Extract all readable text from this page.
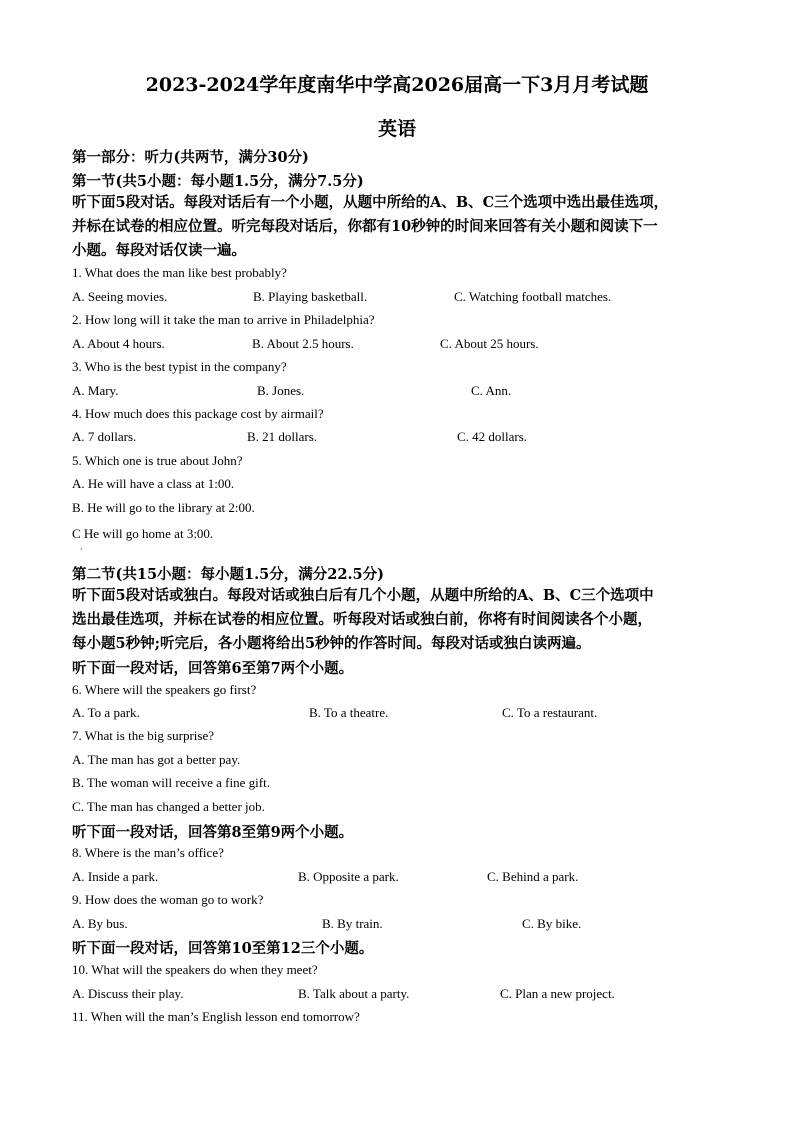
2023-2024学年度南华中学高2026届高一下3月月考试题
英语
第一部分：听力(共两节，满分30分)
第一节(共5小题：每小题1.5分，满分7.5分)
听下面5段对话。每段对话后有一个小题，从题中所给的A、B、C三个选项中选出最佳选项，
并标在试卷的相应位置。听完每段对话后，你都有10秒钟的时间来回答有关小题和阅读下一
小题。每段对话仅读一遍。
1. What does the man like best probably?
A. Seeing movies.	B. Playing basketball.	C. Watching football matches.
2. How long will it take the man to arrive in Philadelphia?
A. About 4 hours.	B. About 2.5 hours.	C. About 25 hours.
3. Who is the best typist in the company?
A. Mary.	B. Jones.	C. Ann.
4. How much does this package cost by airmail?
A. 7 dollars.	B. 21 dollars.	C. 42 dollars.
5. Which one is true about John?
A. He will have a class at 1:00.
B. He will go to the library at 2:00.
C He will go home at 3:00.
·
第二节(共15小题：每小题1.5分，满分22.5分)
听下面5段对话或独白。每段对话或独白后有几个小题，从题中所给的A、B、C三个选项中
选出最佳选项，并标在试卷的相应位置。听每段对话或独白前，你将有时间阅读各个小题，
每小题5秒钟;听完后，各小题将给出5秒钟的作答时间。每段对话或独白读两遍。
听下面一段对话，回答第6至第7两个小题。
6. Where will the speakers go first?
A. To a park.	B. To a theatre.	C. To a restaurant.
7. What is the big surprise?
A. The man has got a better pay.
B. The woman will receive a fine gift.
C. The man has changed a better job.
听下面一段对话，回答第8至第9两个小题。
8. Where is the man’s office?
A. Inside a park.	B. Opposite a park.	C. Behind a park.
9. How does the woman go to work?
A. By bus.	B. By train.	C. By bike.
听下面一段对话，回答第10至第12三个小题。
10. What will the speakers do when they meet?
A. Discuss their play.	B. Talk about a party.	C. Plan a new project.
11. When will the man’s English lesson end tomorrow?
